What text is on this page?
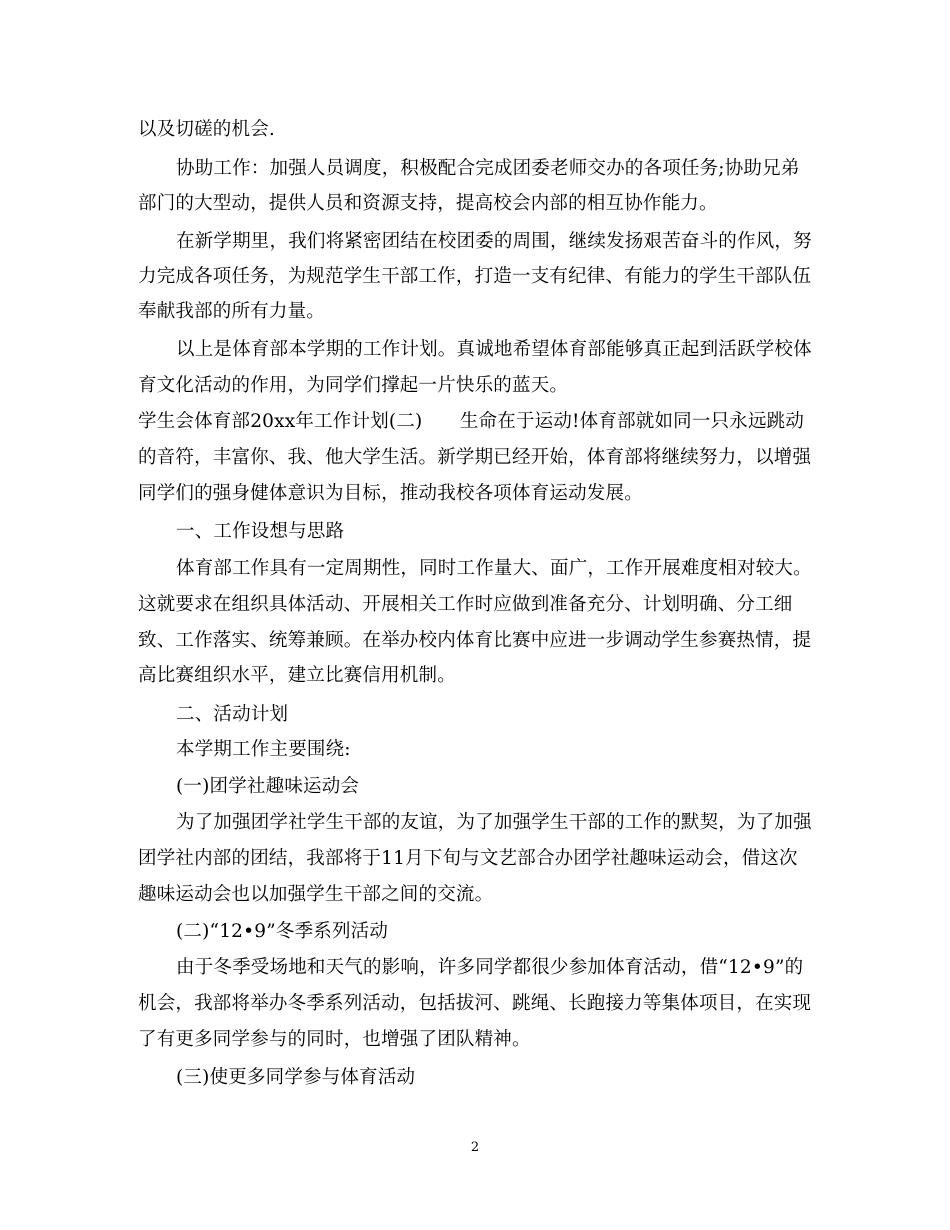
以及切磋的机会.
协助工作：加强人员调度，积极配合完成团委老师交办的各项任务;协助兄弟
部门的大型动，提供人员和资源支持，提高校会内部的相互协作能力。
在新学期里，我们将紧密团结在校团委的周围，继续发扬艰苦奋斗的作风，努
力完成各项任务，为规范学生干部工作，打造一支有纪律、有能力的学生干部队伍
奉献我部的所有力量。
以上是体育部本学期的工作计划。真诚地希望体育部能够真正起到活跃学校体
育文化活动的作用，为同学们撑起一片快乐的蓝天。
学生会体育部20xx年工作计划(二)　　生命在于运动!体育部就如同一只永远跳动
的音符，丰富你、我、他大学生活。新学期已经开始，体育部将继续努力，以增强
同学们的强身健体意识为目标，推动我校各项体育运动发展。
一、工作设想与思路
体育部工作具有一定周期性，同时工作量大、面广，工作开展难度相对较大。
这就要求在组织具体活动、开展相关工作时应做到准备充分、计划明确、分工细
致、工作落实、统筹兼顾。在举办校内体育比赛中应进一步调动学生参赛热情，提
高比赛组织水平，建立比赛信用机制。
二、活动计划
本学期工作主要围绕:
(一)团学社趣味运动会
为了加强团学社学生干部的友谊，为了加强学生干部的工作的默契，为了加强
团学社内部的团结，我部将于11月下旬与文艺部合办团学社趣味运动会，借这次
趣味运动会也以加强学生干部之间的交流。
(二)“12•9”冬季系列活动
由于冬季受场地和天气的影响，许多同学都很少参加体育活动，借“12•9”的
机会，我部将举办冬季系列活动，包括拔河、跳绳、长跑接力等集体项目，在实现
了有更多同学参与的同时，也增强了团队精神。
(三)使更多同学参与体育活动
2
